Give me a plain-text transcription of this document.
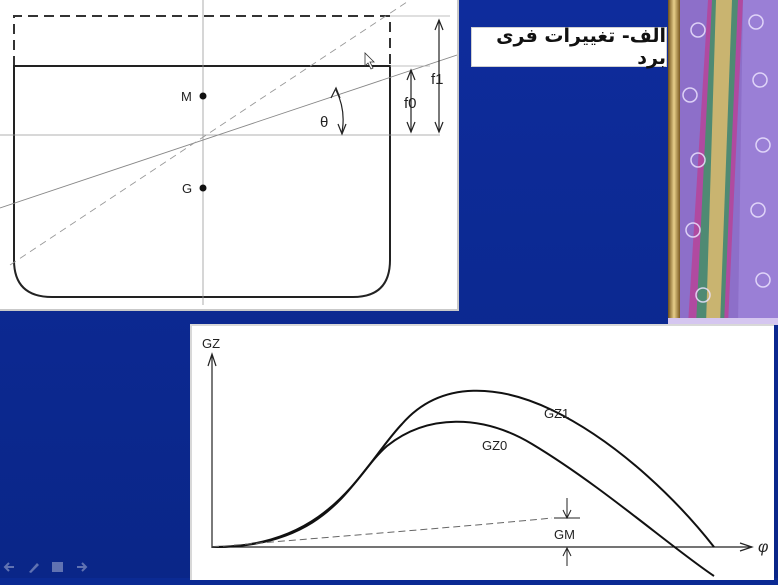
M
G
θ
f0
f1
الف- تغییرات فری برد
GZ
φ
GZ1
GZ0
GM
